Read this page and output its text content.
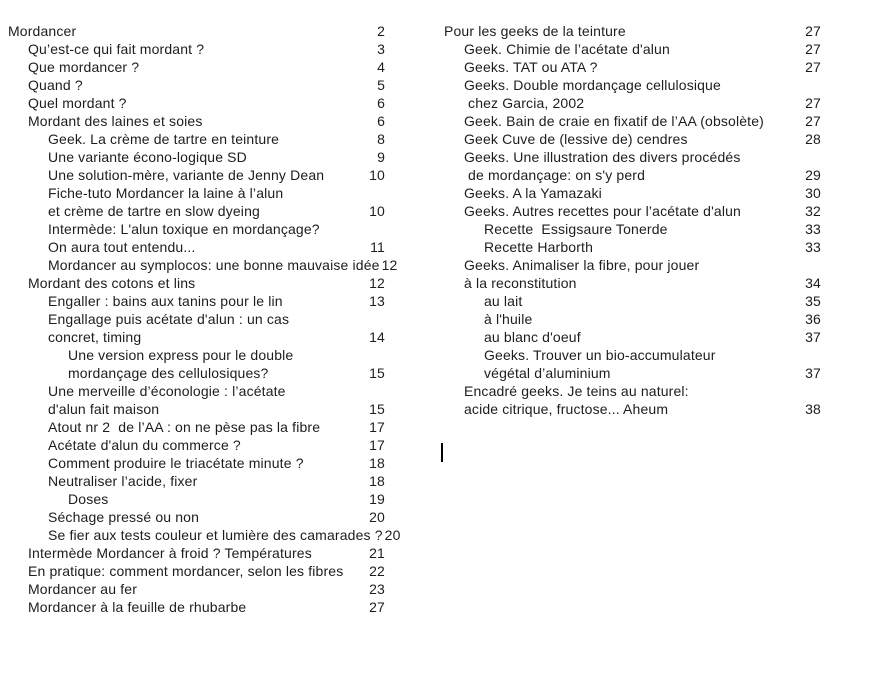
Mordancer	2
Qu’est-ce qui fait mordant ?	3
Que mordancer ?	4
Quand ?	5
Quel mordant ?	6
Mordant des laines et soies	6
Geek. La crème de tartre en teinture	8
Une variante écono-logique SD	9
Une solution-mère, variante de Jenny Dean	10
Fiche-tuto Mordancer la laine à l’alun
et crème de tartre en slow dyeing	10
Intermède: L'alun toxique en mordançage?
On aura tout entendu...	11
Mordancer au symplocos: une bonne mauvaise idée 12
Mordant des cotons et lins	12
Engaller : bains aux tanins pour le lin	13
Engallage puis acétate d'alun : un cas
concret, timing	14
Une version express pour le double
mordançage des cellulosiques?	15
Une merveille d’éconologie : l’acétate
d'alun fait maison	15
Atout nr 2  de l’AA : on ne pèse pas la fibre	17
Acétate d'alun du commerce ?	17
Comment produire le triacétate minute ?	18
Neutraliser l’acide, fixer	18
Doses	19
Séchage pressé ou non	20
Se fier aux tests couleur et lumière des camarades ? 20
Intermède Mordancer à froid ? Températures	21
En pratique: comment mordancer, selon les fibres 22
Mordancer au fer	23
Mordancer à la feuille de rhubarbe	27
Pour les geeks de la teinture	27
Geek. Chimie de l’acétate d'alun	27
Geeks. TAT ou ATA ?	27
Geeks. Double mordançage cellulosique
chez Garcia, 2002	27
Geek. Bain de craie en fixatif de l’AA (obsolète)	27
Geek Cuve de (lessive de) cendres	28
Geeks. Une illustration des divers procédés
de mordançage: on s'y perd	29
Geeks. A la Yamazaki	30
Geeks. Autres recettes pour l’acétate d'alun	32
Recette  Essigsaure Tonerde	33
Recette Harborth	33
Geeks. Animaliser la fibre, pour jouer
à la reconstitution	34
au lait	35
à l'huile	36
au blanc d'oeuf	37
Geeks. Trouver un bio-accumulateur
végétal d’aluminium	37
Encadré geeks. Je teins au naturel:
acide citrique, fructose... Aheum	38
